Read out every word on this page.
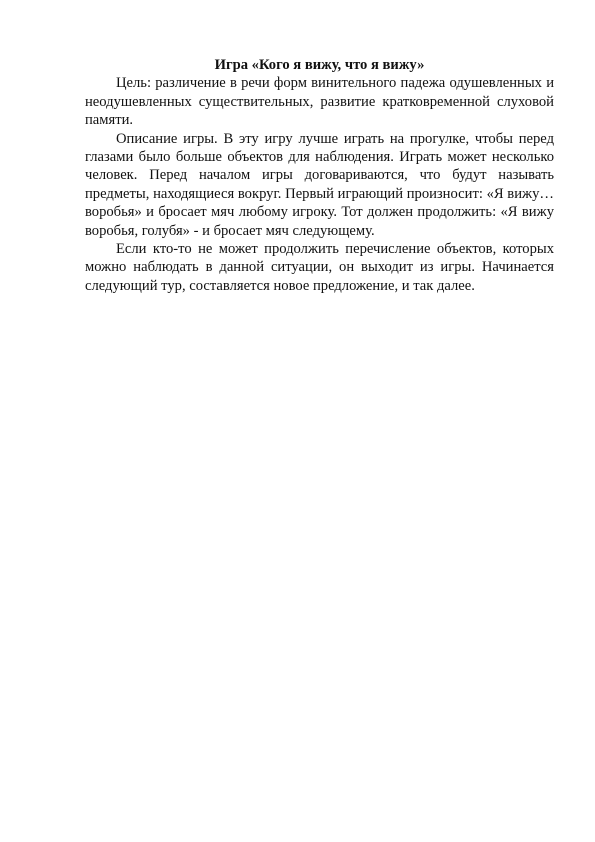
Игра «Кого я вижу, что я вижу»

Цель: различение в речи форм винительного падежа одушевленных и неодушевленных существительных, развитие кратковременной слуховой памяти.

Описание игры. В эту игру лучше играть на прогулке, чтобы перед глазами было больше объектов для наблюдения. Играть может несколько человек. Перед началом игры договариваются, что будут называть предметы, находящиеся вокруг. Первый играющий произносит: «Я вижу… воробья» и бросает мяч любому игроку. Тот должен продолжить: «Я вижу воробья, голубя» - и бросает мяч следующему.

Если кто-то не может продолжить перечисление объектов, которых можно наблюдать в данной ситуации, он выходит из игры. Начинается следующий тур, составляется новое предложение, и так далее.
